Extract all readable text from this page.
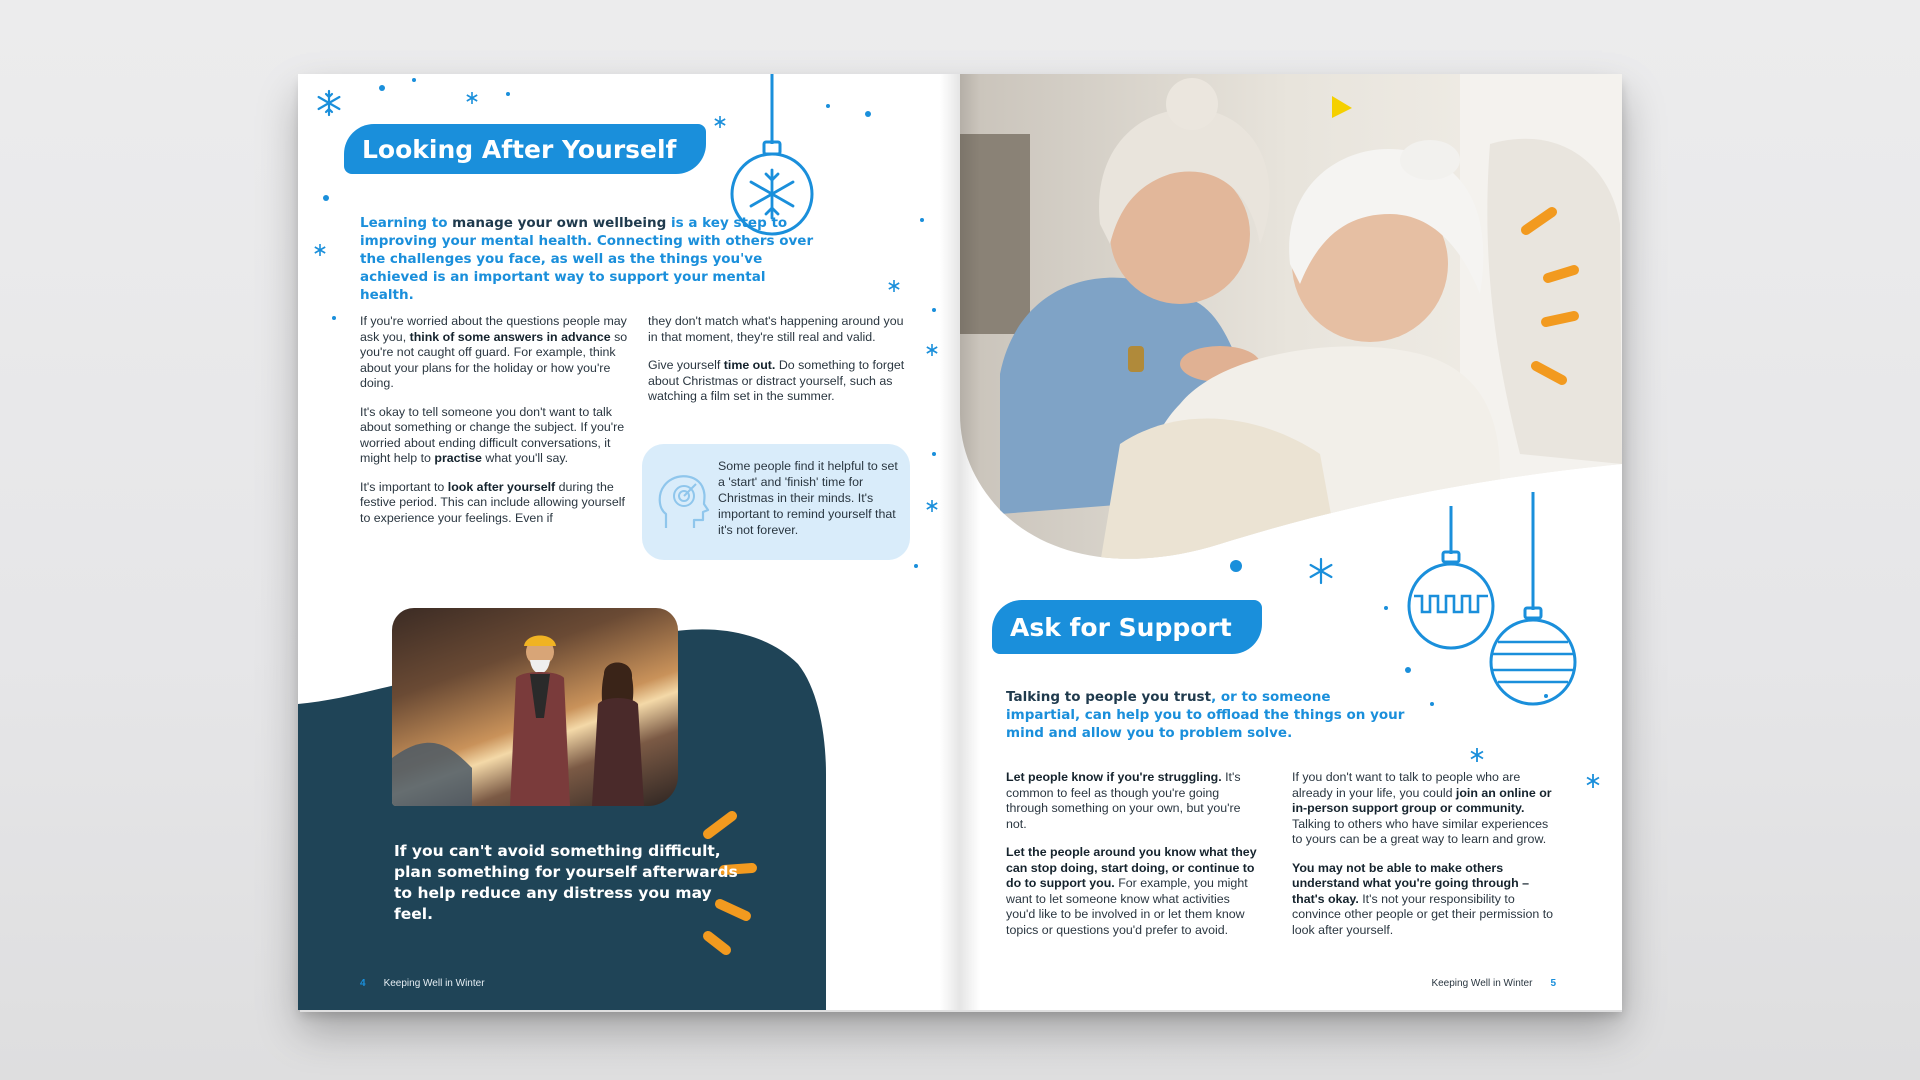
Looking After Yourself
Learning to manage your own wellbeing is a key step to improving your mental health. Connecting with others over the challenges you face, as well as the things you've achieved is an important way to support your mental health.

If you're worried about the questions people may ask you, think of some answers in advance so you're not caught off guard. For example, think about your plans for the holiday or how you're doing.

It's okay to tell someone you don't want to talk about something or change the subject. If you're worried about ending difficult conversations, it might help to practise what you'll say.

It's important to look after yourself during the festive period. This can include allowing yourself to experience your feelings. Even if

they don't match what's happening around you in that moment, they're still real and valid.

Give yourself time out. Do something to forget about Christmas or distract yourself, such as watching a film set in the summer.

Some people find it helpful to set a 'start' and 'finish' time for Christmas in their minds. It's important to remind yourself that it's not forever.
If you can't avoid something difficult, plan something for yourself afterwards to help reduce any distress you may feel.
4 Keeping Well in Winter
Ask for Support
Talking to people you trust, or to someone impartial, can help you to offload the things on your mind and allow you to problem solve.

Let people know if you're struggling. It's common to feel as though you're going through something on your own, but you're not.

Let the people around you know what they can stop doing, start doing, or continue to do to support you. For example, you might want to let someone know what activities you'd like to be involved in or let them know topics or questions you'd prefer to avoid.

If you don't want to talk to people who are already in your life, you could join an online or in-person support group or community. Talking to others who have similar experiences to yours can be a great way to learn and grow.

You may not be able to make others understand what you're going through – that's okay. It's not your responsibility to convince other people or get their permission to look after yourself.

Keeping Well in Winter 5
